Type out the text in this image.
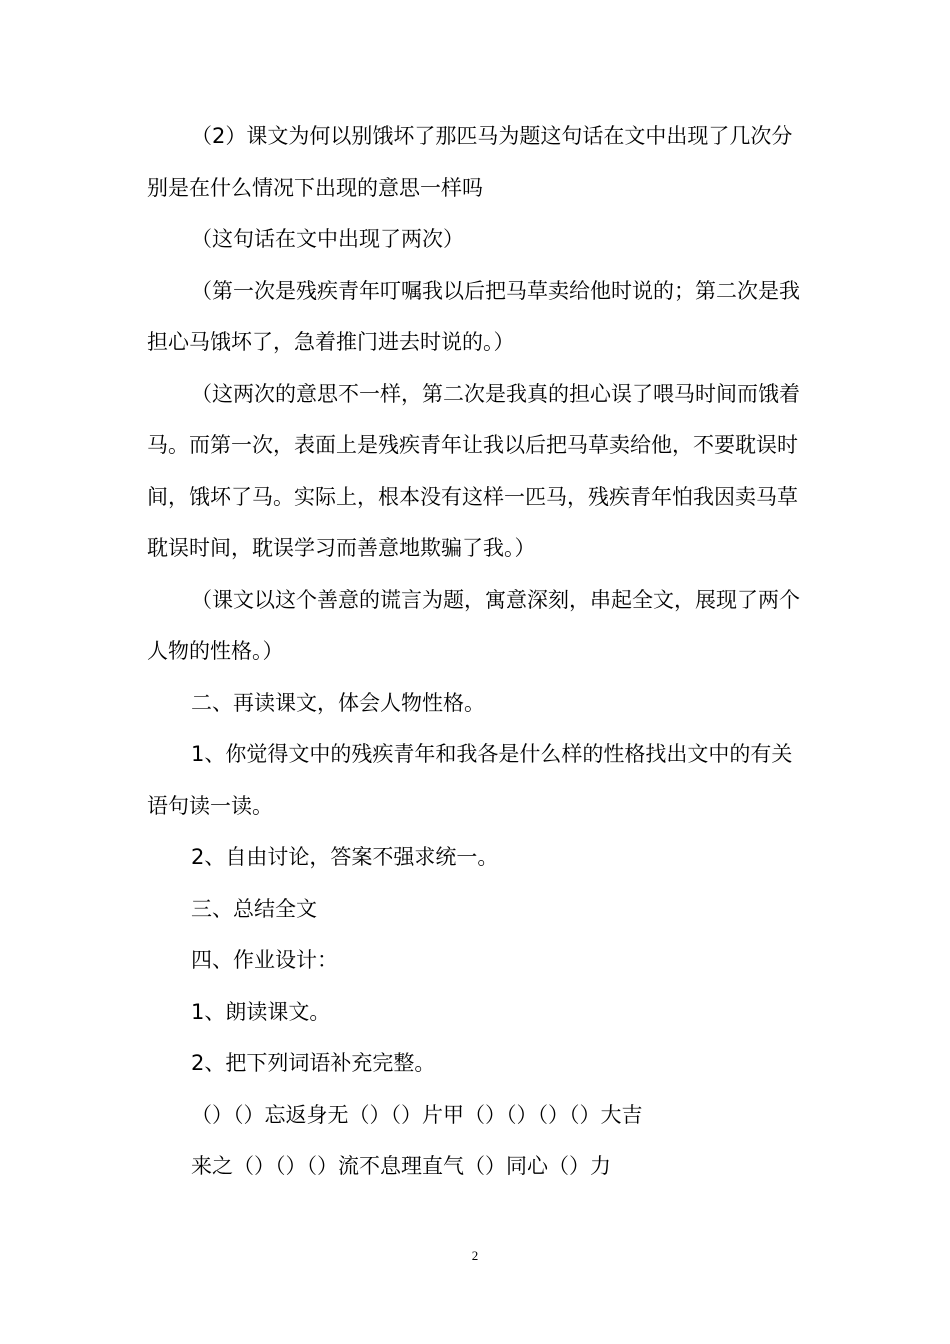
（2）课文为何以别饿坏了那匹马为题这句话在文中出现了几次分别是在什么情况下出现的意思一样吗

（这句话在文中出现了两次）

（第一次是残疾青年叮嘱我以后把马草卖给他时说的；第二次是我担心马饿坏了，急着推门进去时说的。）

（这两次的意思不一样，第二次是我真的担心误了喂马时间而饿着马。而第一次，表面上是残疾青年让我以后把马草卖给他，不要耽误时间，饿坏了马。实际上，根本没有这样一匹马，残疾青年怕我因卖马草耽误时间，耽误学习而善意地欺骗了我。）

（课文以这个善意的谎言为题，寓意深刻，串起全文，展现了两个人物的性格。）

二、再读课文，体会人物性格。

1、你觉得文中的残疾青年和我各是什么样的性格找出文中的有关语句读一读。

2、自由讨论，答案不强求统一。

三、总结全文

四、作业设计：

1、朗读课文。

2、把下列词语补充完整。

（）（）忘返身无（）（）片甲（）（）（）（）大吉

来之（）（）（）流不息理直气（）同心（）力

2
